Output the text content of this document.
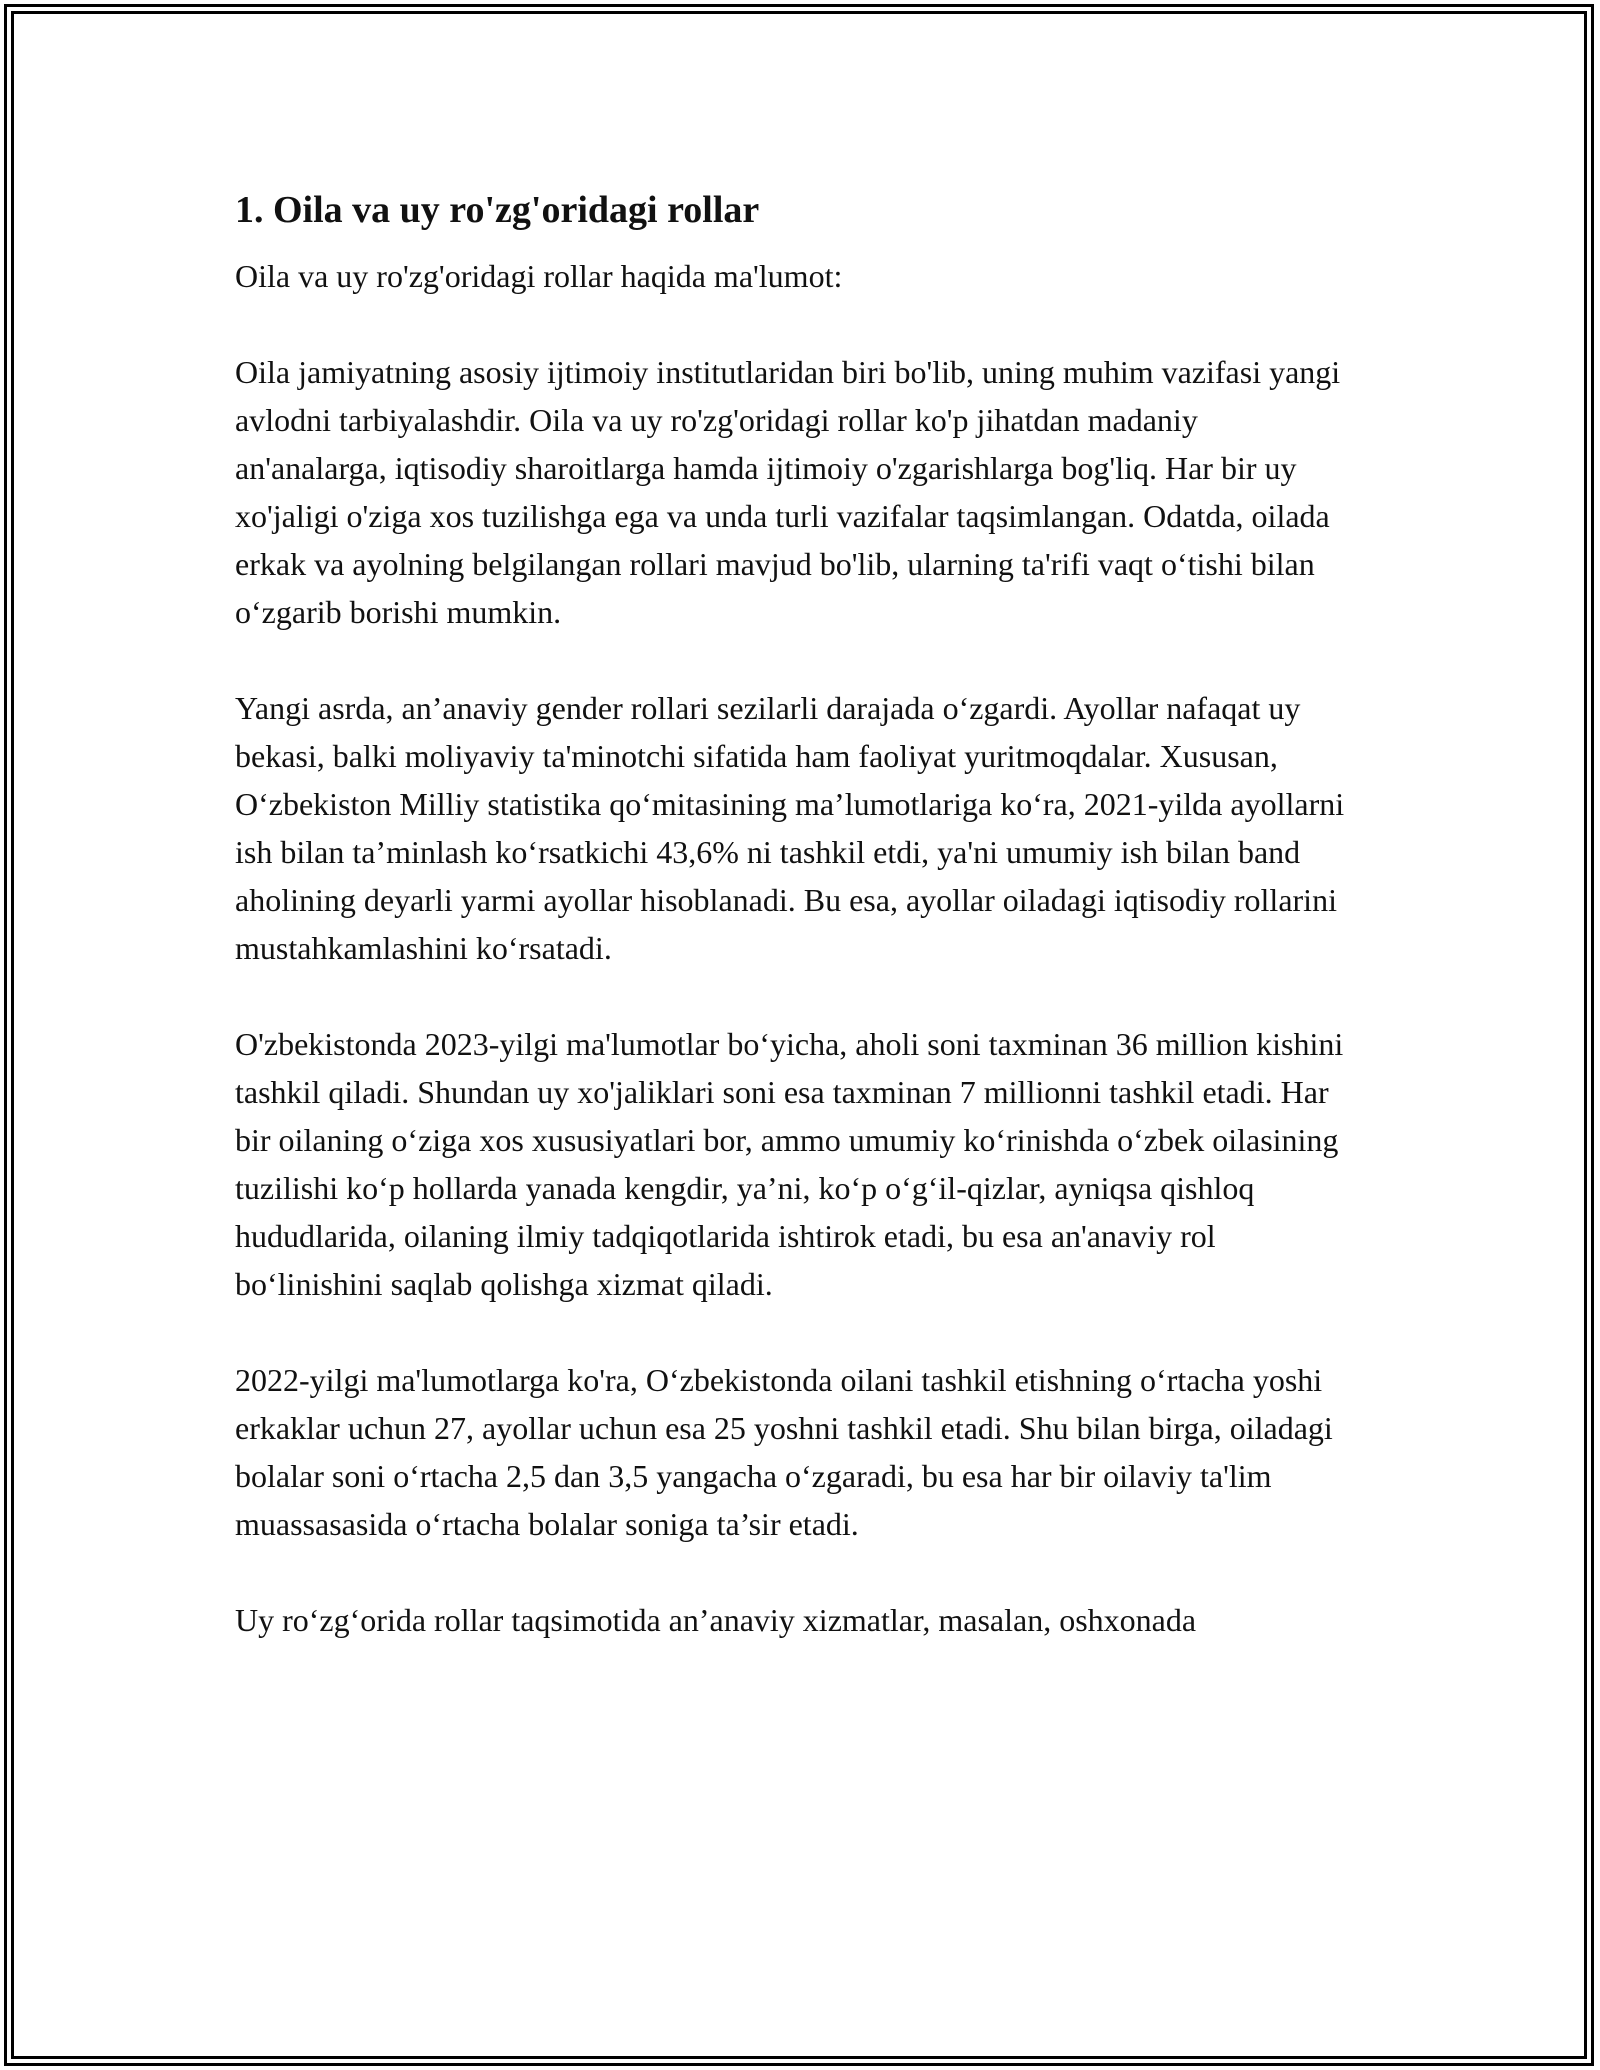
1. Oila va uy ro'zg'oridagi rollar

Oila va uy ro'zg'oridagi rollar haqida ma'lumot:

Oila jamiyatning asosiy ijtimoiy institutlaridan biri bo'lib, uning muhim vazifasi yangi avlodni tarbiyalashdir. Oila va uy ro'zg'oridagi rollar ko'p jihatdan madaniy an'analarga, iqtisodiy sharoitlarga hamda ijtimoiy o'zgarishlarga bog'liq. Har bir uy xo'jaligi o'ziga xos tuzilishga ega va unda turli vazifalar taqsimlangan. Odatda, oilada erkak va ayolning belgilangan rollari mavjud bo'lib, ularning ta'rifi vaqt o‘tishi bilan o‘zgarib borishi mumkin.

Yangi asrda, an’anaviy gender rollari sezilarli darajada o‘zgardi. Ayollar nafaqat uy bekasi, balki moliyaviy ta'minotchi sifatida ham faoliyat yuritmoqdalar. Xususan, O‘zbekiston Milliy statistika qo‘mitasining ma’lumotlariga ko‘ra, 2021-yilda ayollarni ish bilan ta’minlash ko‘rsatkichi 43,6% ni tashkil etdi, ya'ni umumiy ish bilan band aholining deyarli yarmi ayollar hisoblanadi. Bu esa, ayollar oiladagi iqtisodiy rollarini mustahkamlashini ko‘rsatadi.

O'zbekistonda 2023-yilgi ma'lumotlar bo‘yicha, aholi soni taxminan 36 million kishini tashkil qiladi. Shundan uy xo'jaliklari soni esa taxminan 7 millionni tashkil etadi. Har bir oilaning o‘ziga xos xususiyatlari bor, ammo umumiy ko‘rinishda o‘zbek oilasining tuzilishi ko‘p hollarda yanada kengdir, ya’ni, ko‘p o‘g‘il-qizlar, ayniqsa qishloq hududlarida, oilaning ilmiy tadqiqotlarida ishtirok etadi, bu esa an'anaviy rol bo‘linishini saqlab qolishga xizmat qiladi.

2022-yilgi ma'lumotlarga ko'ra, O‘zbekistonda oilani tashkil etishning o‘rtacha yoshi erkaklar uchun 27, ayollar uchun esa 25 yoshni tashkil etadi. Shu bilan birga, oiladagi bolalar soni o‘rtacha 2,5 dan 3,5 yangacha o‘zgaradi, bu esa har bir oilaviy ta'lim muassasasida o‘rtacha bolalar soniga ta’sir etadi.

Uy ro‘zg‘orida rollar taqsimotida an’anaviy xizmatlar, masalan, oshxonada
